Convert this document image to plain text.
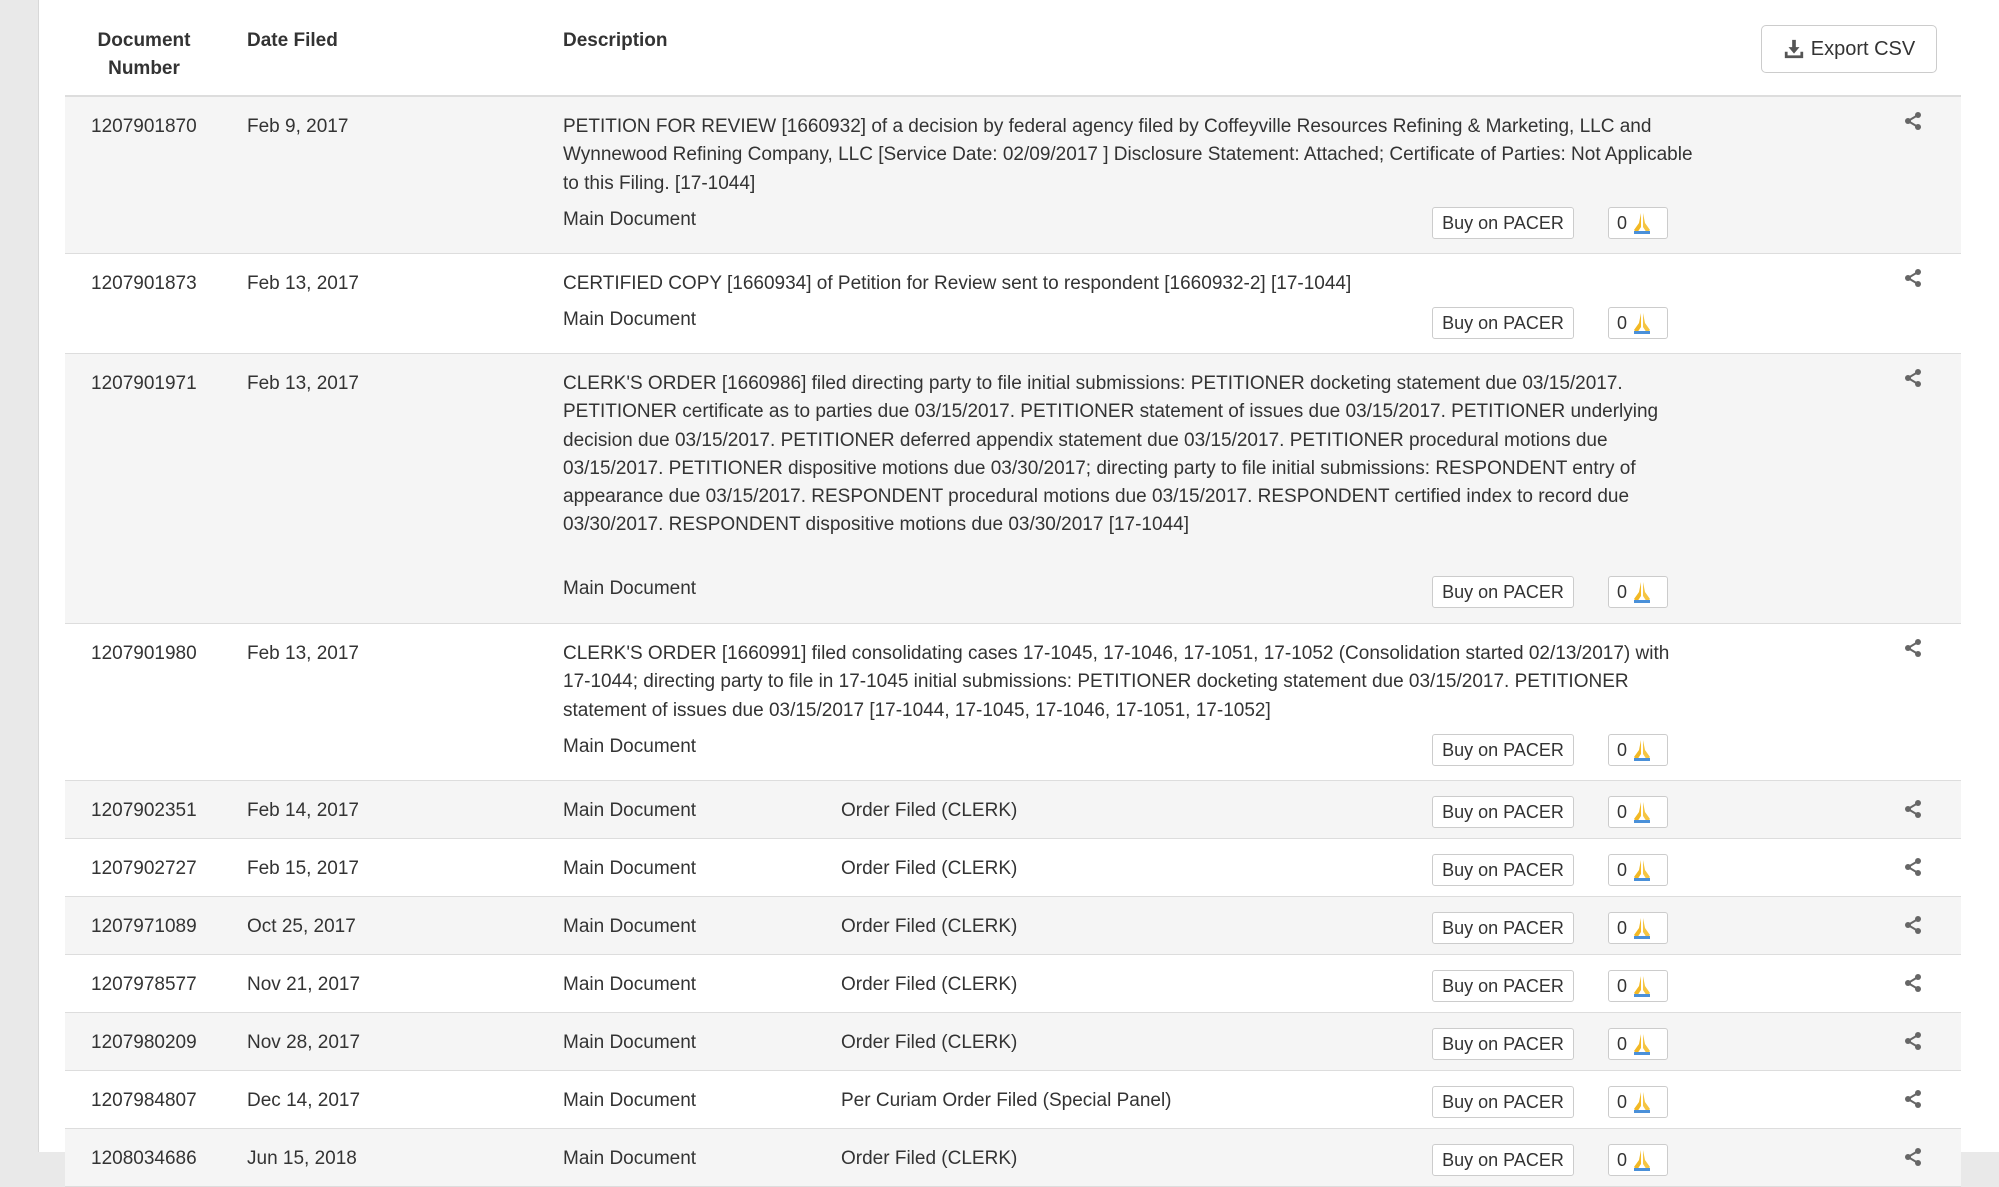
Document Number
Date Filed	Description	Export CSV
1207901870	Feb 9, 2017	PETITION FOR REVIEW [1660932] of a decision by federal agency filed by Coffeyville Resources Refining & Marketing, LLC and Wynnewood Refining Company, LLC [Service Date: 02/09/2017 ] Disclosure Statement: Attached; Certificate of Parties: Not Applicable to this Filing. [17-1044]
Main Document	Buy on PACER	0
1207901873	Feb 13, 2017	CERTIFIED COPY [1660934] of Petition for Review sent to respondent [1660932-2] [17-1044]
Main Document	Buy on PACER	0
1207901971	Feb 13, 2017	CLERK'S ORDER [1660986] filed directing party to file initial submissions: PETITIONER docketing statement due 03/15/2017. PETITIONER certificate as to parties due 03/15/2017. PETITIONER statement of issues due 03/15/2017. PETITIONER underlying decision due 03/15/2017. PETITIONER deferred appendix statement due 03/15/2017. PETITIONER procedural motions due 03/15/2017. PETITIONER dispositive motions due 03/30/2017; directing party to file initial submissions: RESPONDENT entry of appearance due 03/15/2017. RESPONDENT procedural motions due 03/15/2017. RESPONDENT certified index to record due 03/30/2017. RESPONDENT dispositive motions due 03/30/2017 [17-1044]
Main Document	Buy on PACER	0
1207901980	Feb 13, 2017	CLERK'S ORDER [1660991] filed consolidating cases 17-1045, 17-1046, 17-1051, 17-1052 (Consolidation started 02/13/2017) with 17-1044; directing party to file in 17-1045 initial submissions: PETITIONER docketing statement due 03/15/2017. PETITIONER statement of issues due 03/15/2017 [17-1044, 17-1045, 17-1046, 17-1051, 17-1052]
Main Document	Buy on PACER	0
1207902351	Feb 14, 2017	Main Document	Order Filed (CLERK)	Buy on PACER	0
1207902727	Feb 15, 2017	Main Document	Order Filed (CLERK)	Buy on PACER	0
1207971089	Oct 25, 2017	Main Document	Order Filed (CLERK)	Buy on PACER	0
1207978577	Nov 21, 2017	Main Document	Order Filed (CLERK)	Buy on PACER	0
1207980209	Nov 28, 2017	Main Document	Order Filed (CLERK)	Buy on PACER	0
1207984807	Dec 14, 2017	Main Document	Per Curiam Order Filed (Special Panel)	Buy on PACER	0
1208034686	Jun 15, 2018	Main Document	Order Filed (CLERK)	Buy on PACER	0
